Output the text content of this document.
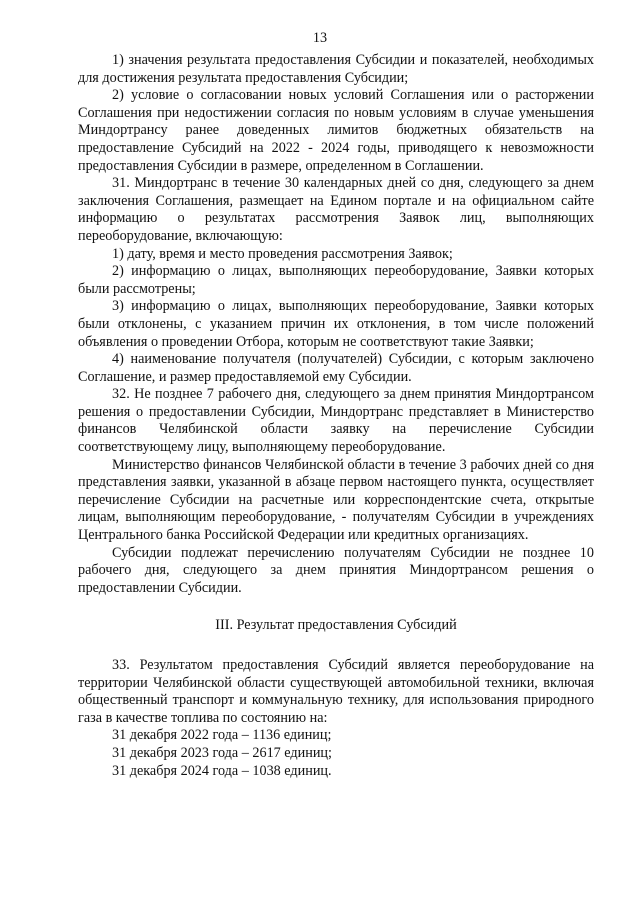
13

1) значения результата предоставления Субсидии и показателей, необходимых для достижения результата предоставления Субсидии;

2) условие о согласовании новых условий Соглашения или о расторжении Соглашения при недостижении согласия по новым условиям в случае уменьшения Миндортрансу ранее доведенных лимитов бюджетных обязательств на предоставление Субсидий на 2022 - 2024 годы, приводящего к невозможности предоставления Субсидии в размере, определенном в Соглашении.

31. Миндортранс в течение 30 календарных дней со дня, следующего за днем заключения Соглашения, размещает на Едином портале и на официальном сайте информацию о результатах рассмотрения Заявок лиц, выполняющих переоборудование, включающую:

1) дату, время и место проведения рассмотрения Заявок;

2) информацию о лицах, выполняющих переоборудование, Заявки которых были рассмотрены;

3) информацию о лицах, выполняющих переоборудование, Заявки которых были отклонены, с указанием причин их отклонения, в том числе положений объявления о проведении Отбора, которым не соответствуют такие Заявки;

4) наименование получателя (получателей) Субсидии, с которым заключено Соглашение, и размер предоставляемой ему Субсидии.

32. Не позднее 7 рабочего дня, следующего за днем принятия Миндортрансом решения о предоставлении Субсидии, Миндортранс представляет в Министерство финансов Челябинской области заявку на перечисление Субсидии соответствующему лицу, выполняющему переоборудование.

Министерство финансов Челябинской области в течение 3 рабочих дней со дня представления заявки, указанной в абзаце первом настоящего пункта, осуществляет перечисление Субсидии на расчетные или корреспондентские счета, открытые лицам, выполняющим переоборудование, - получателям Субсидии в учреждениях Центрального банка Российской Федерации или кредитных организациях.

Субсидии подлежат перечислению получателям Субсидии не позднее 10 рабочего дня, следующего за днем принятия Миндортрансом решения о предоставлении Субсидии.

III. Результат предоставления Субсидий

33. Результатом предоставления Субсидий является переоборудование на территории Челябинской области существующей автомобильной техники, включая общественный транспорт и коммунальную технику, для использования природного газа в качестве топлива по состоянию на:

31 декабря 2022 года – 1136 единиц;

31 декабря 2023 года – 2617 единиц;

31 декабря 2024 года – 1038 единиц.
